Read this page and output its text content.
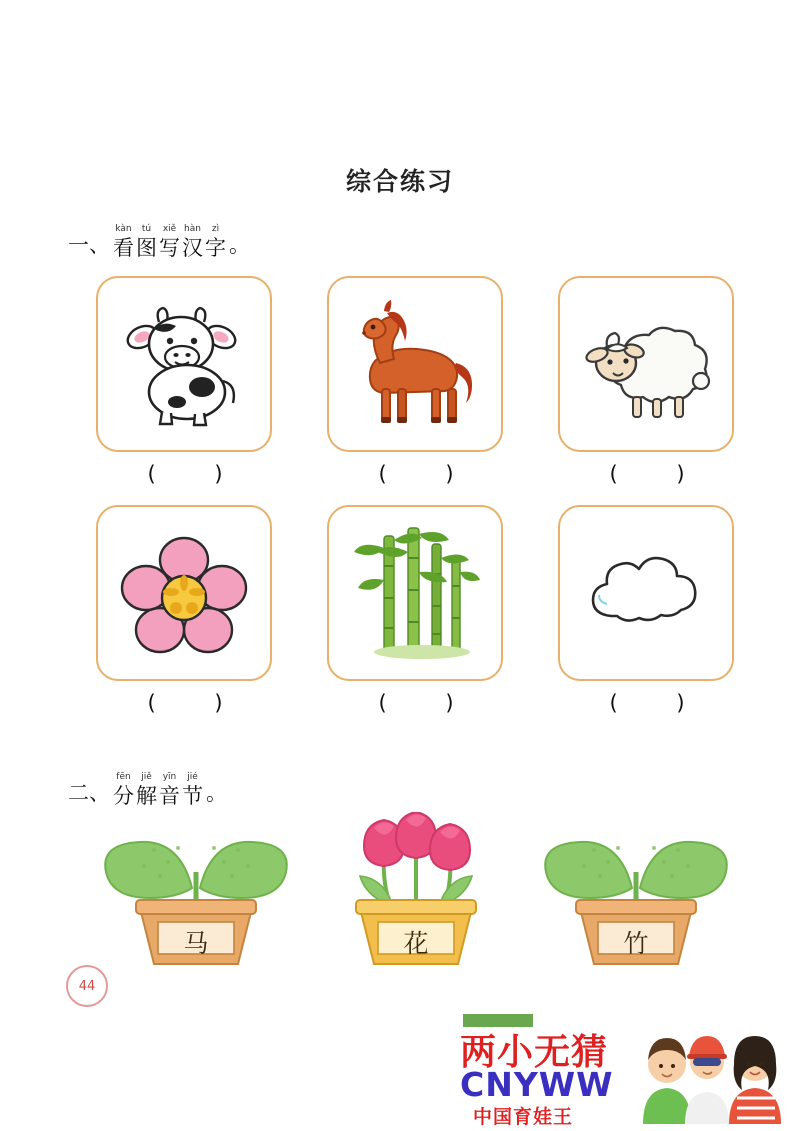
综合练习
一、
kàn
看
tú
图
xiě
写
hàn
汉
zì
字 。
( )	( )	( )
( )	( )	( )
二、
fēn
分
jiě
解
yīn
音
jié
节 。
马	花	竹
44
两小无猜
CNYWW
中国育娃王
